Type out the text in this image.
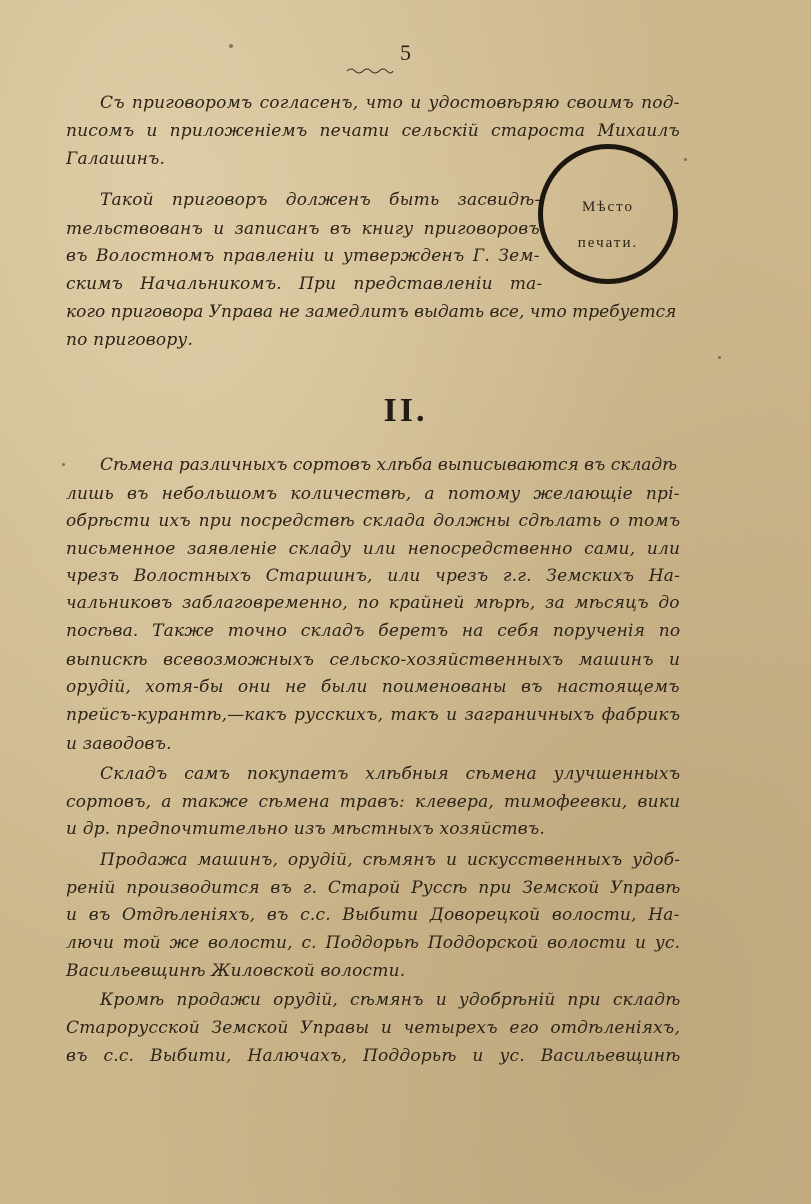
5
Съ приговоромъ согласенъ, что и удостовѣряю своимъ под-
писомъ и приложеніемъ печати сельскій староста Михаилъ
Галашинъ.
Такой приговоръ долженъ быть засвидѣ-
тельствованъ и записанъ въ книгу приговоровъ
въ Волостномъ правленіи и утвержденъ Г. Зем-
скимъ Начальникомъ. При представленіи та-
кого приговора Управа не замедлитъ выдать все, что требуется
по приговору.
Сѣмена различныхъ сортовъ хлѣба выписываются въ складѣ
лишь въ небольшомъ количествѣ, а потому желающіе прі-
обрѣсти ихъ при посредствѣ склада должны сдѣлать о томъ
письменное заявленіе складу или непосредственно сами, или
чрезъ Волостныхъ Старшинъ, или чрезъ г.г. Земскихъ На-
чальниковъ заблаговременно, по крайней мѣрѣ, за мѣсяцъ до
посѣва. Также точно складъ беретъ на себя порученія по
выпискѣ всевозможныхъ сельско-хозяйственныхъ машинъ и
орудій, хотя-бы они не были поименованы въ настоящемъ
прейсъ-курантѣ,—какъ русскихъ, такъ и заграничныхъ фабрикъ
и заводовъ.
Складъ самъ покупаетъ хлѣбныя сѣмена улучшенныхъ
сортовъ, а также сѣмена травъ: клевера, тимофеевки, вики
и др. предпочтительно изъ мѣстныхъ хозяйствъ.
Продажа машинъ, орудій, сѣмянъ и искусственныхъ удоб-
реній производится въ г. Старой Руссѣ при Земской Управѣ
и въ Отдѣленіяхъ, въ с.с. Выбити Доворецкой волости, На-
лючи той же волости, с. Поддорьѣ Поддорской волости и ус.
Васильевщинѣ Жиловской волости.
Кромѣ продажи орудій, сѣмянъ и удобрѣній при складѣ
Старорусской Земской Управы и четырехъ его отдѣленіяхъ,
въ с.с. Выбити, Налючахъ, Поддорьѣ и ус. Васильевщинѣ
II.
Мѣсто
печати.
